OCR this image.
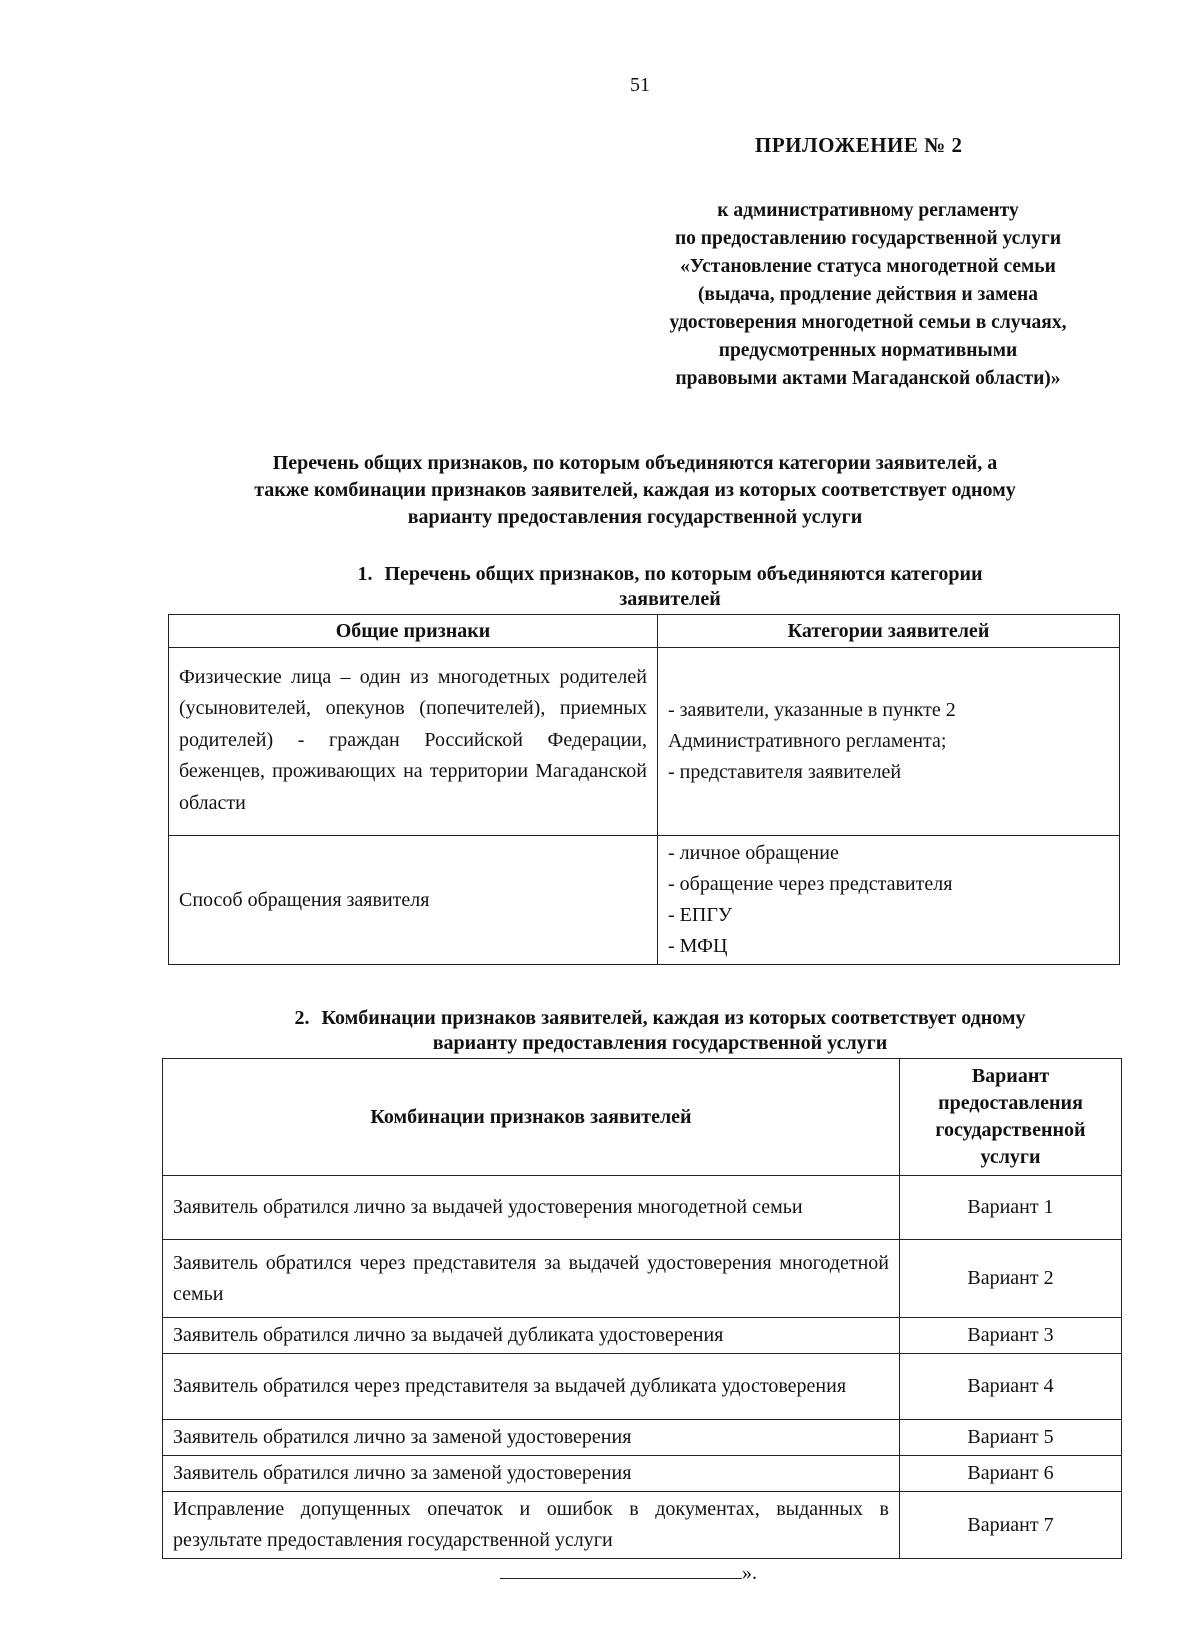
51
ПРИЛОЖЕНИЕ № 2
к административному регламенту
по предоставлению государственной услуги
«Установление статуса многодетной семьи
(выдача, продление действия и замена
удостоверения многодетной семьи в случаях,
предусмотренных нормативными
правовыми актами Магаданской области)»
Перечень общих признаков, по которым объединяются категории заявителей, а
также комбинации признаков заявителей, каждая из которых соответствует одному
варианту предоставления государственной услуги
1. Перечень общих признаков, по которым объединяются категории
заявителей
Общие признаки	Категории заявителей
Физические лица – один из многодетных родителей (усыновителей, опекунов (попечителей), приемных родителей) - граждан Российской Федерации, беженцев, проживающих на территории Магаданской области	- заявители, указанные в пункте 2
Административного регламента;
- представителя заявителей

Способ обращения заявителя	- личное обращение
- обращение через представителя
- ЕПГУ
- МФЦ
2. Комбинации признаков заявителей, каждая из которых соответствует одному
варианту предоставления государственной услуги
Комбинации признаков заявителей	Вариант предоставления государственной услуги
Заявитель обратился лично за выдачей удостоверения многодетной семьи	Вариант 1
Заявитель обратился через представителя за выдачей удостоверения многодетной семьи	Вариант 2
Заявитель обратился лично за выдачей дубликата удостоверения	Вариант 3
Заявитель обратился через представителя за выдачей дубликата удостоверения	Вариант 4
Заявитель обратился лично за заменой удостоверения	Вариант 5
Заявитель обратился лично за заменой удостоверения	Вариант 6
Исправление допущенных опечаток и ошибок в документах, выданных в результате предоставления государственной услуги	Вариант 7
».
